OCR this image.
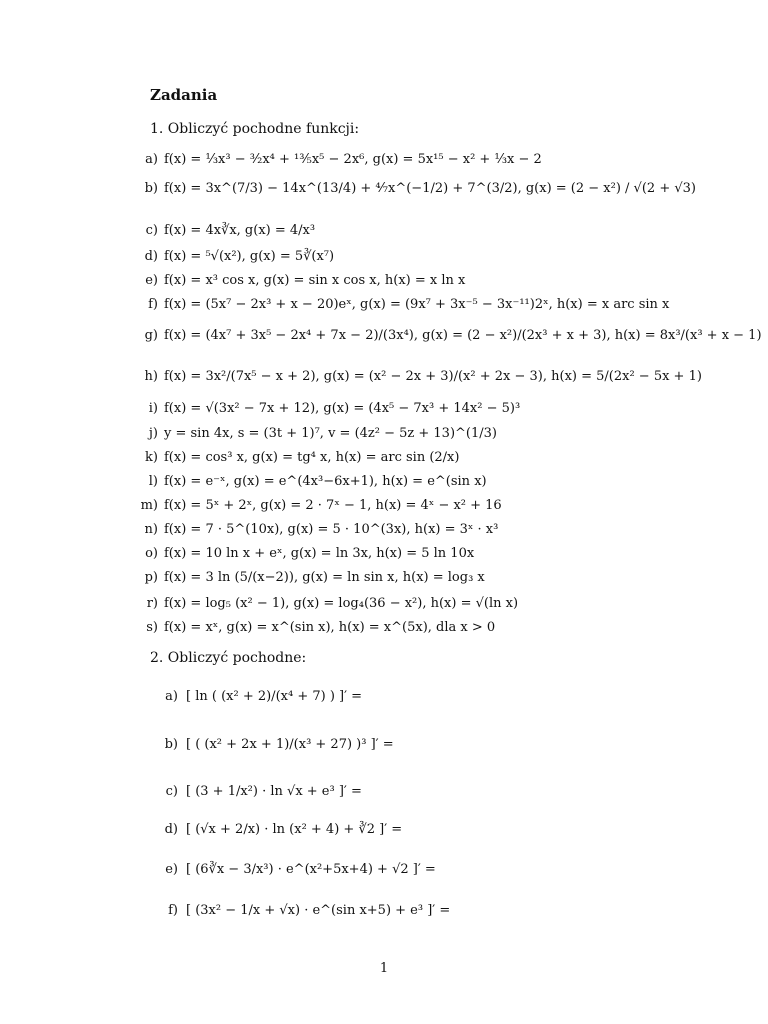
Zadania
1. Obliczyć pochodne funkcji:
a) f(x) = ⅓x³ − ³⁄₂x⁴ + ¹³⁄₅x⁵ − 2x⁶, g(x) = 5x¹⁵ − x² + ⅓x − 2
b) f(x) = 3x^(7/3) − 14x^(13/4) + ⁴⁄₇x^(−1/2) + 7^(3/2), g(x) = (2 − x²) / √(2 + √3)
c) f(x) = 4x∛x, g(x) = 4/x³
d) f(x) = ⁵√(x²), g(x) = 5∛(x⁷)
e) f(x) = x³ cos x, g(x) = sin x cos x, h(x) = x ln x
f) f(x) = (5x⁷ − 2x³ + x − 20)eˣ, g(x) = (9x⁷ + 3x⁻⁵ − 3x⁻¹¹)2ˣ, h(x) = x arc sin x
g) f(x) = (4x⁷ + 3x⁵ − 2x⁴ + 7x − 2)/(3x⁴), g(x) = (2 − x²)/(2x³ + x + 3), h(x) = 8x³/(x³ + x − 1)
h) f(x) = 3x²/(7x⁵ − x + 2), g(x) = (x² − 2x + 3)/(x² + 2x − 3), h(x) = 5/(2x² − 5x + 1)
i) f(x) = √(3x² − 7x + 12), g(x) = (4x⁵ − 7x³ + 14x² − 5)³
j) y = sin 4x, s = (3t + 1)⁷, v = (4z² − 5z + 13)^(1/3)
k) f(x) = cos³ x, g(x) = tg⁴ x, h(x) = arc sin (2/x)
l) f(x) = e⁻ˣ, g(x) = e^(4x³−6x+1), h(x) = e^(sin x)
m) f(x) = 5ˣ + 2ˣ, g(x) = 2 · 7ˣ − 1, h(x) = 4ˣ − x² + 16
n) f(x) = 7 · 5^(10x), g(x) = 5 · 10^(3x), h(x) = 3ˣ · x³
o) f(x) = 10 ln x + eˣ, g(x) = ln 3x, h(x) = 5 ln 10x
p) f(x) = 3 ln (5/(x−2)), g(x) = ln sin x, h(x) = log₃ x
r) f(x) = log₅ (x² − 1), g(x) = log₄(36 − x²), h(x) = √(ln x)
s) f(x) = xˣ, g(x) = x^(sin x), h(x) = x^(5x), dla x > 0
2. Obliczyć pochodne:
a) [ ln ( (x² + 2)/(x⁴ + 7) ) ]′ =
b) [ ( (x² + 2x + 1)/(x³ + 27) )³ ]′ =
c) [ (3 + 1/x²) · ln √x + e³ ]′ =
d) [ (√x + 2/x) · ln (x² + 4) + ∛2 ]′ =
e) [ (6∛x − 3/x³) · e^(x²+5x+4) + √2 ]′ =
f) [ (3x² − 1/x + √x) · e^(sin x+5) + e³ ]′ =
1
